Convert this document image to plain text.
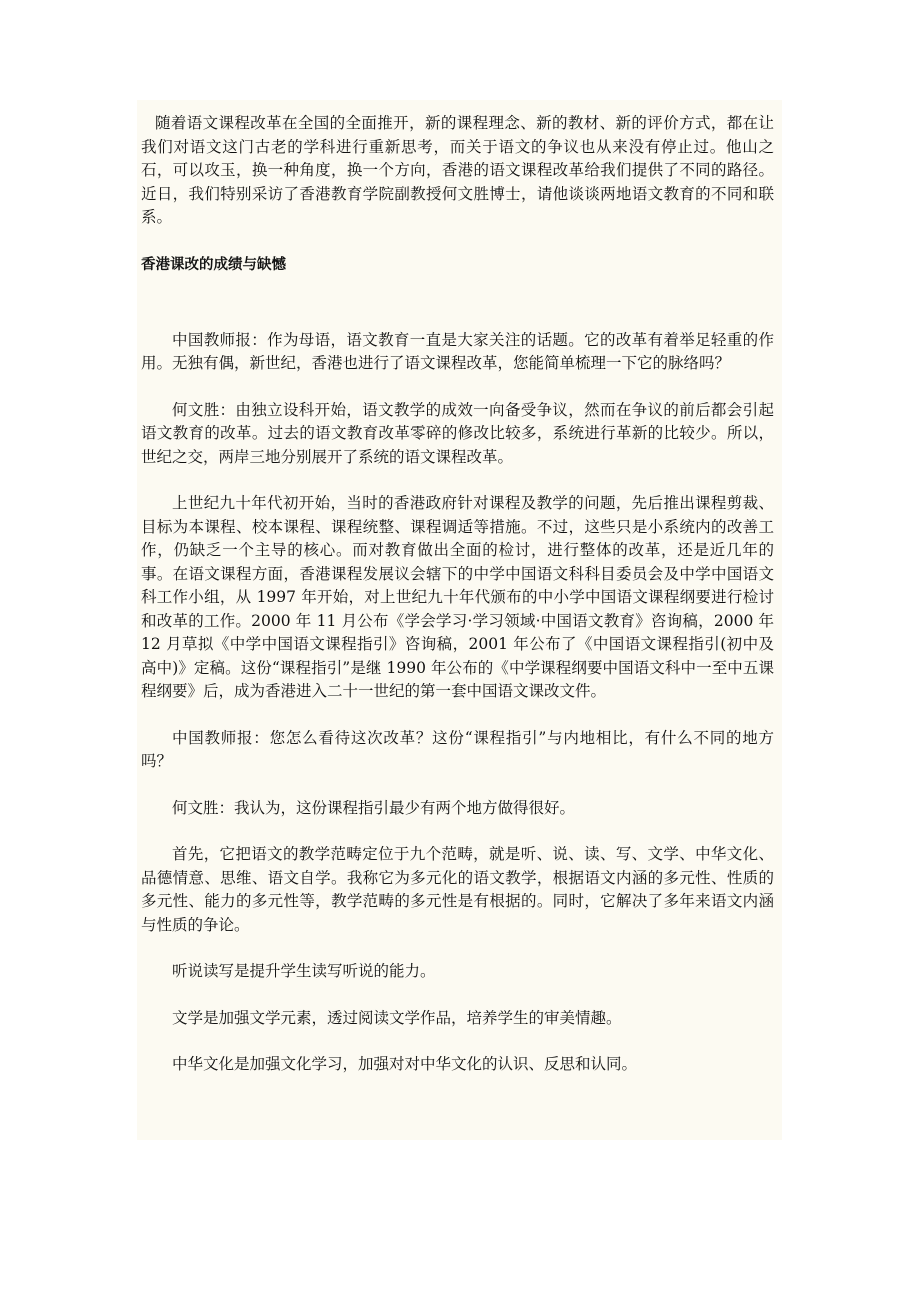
随着语文课程改革在全国的全面推开，新的课程理念、新的教材、新的评价方式，都在让我们对语文这门古老的学科进行重新思考，而关于语文的争议也从来没有停止过。他山之石，可以攻玉，换一种角度，换一个方向，香港的语文课程改革给我们提供了不同的路径。近日，我们特别采访了香港教育学院副教授何文胜博士，请他谈谈两地语文教育的不同和联系。

香港课改的成绩与缺憾

中国教师报：作为母语，语文教育一直是大家关注的话题。它的改革有着举足轻重的作用。无独有偶，新世纪，香港也进行了语文课程改革，您能简单梳理一下它的脉络吗？

何文胜：由独立设科开始，语文教学的成效一向备受争议，然而在争议的前后都会引起语文教育的改革。过去的语文教育改革零碎的修改比较多，系统进行革新的比较少。所以，世纪之交，两岸三地分别展开了系统的语文课程改革。

上世纪九十年代初开始，当时的香港政府针对课程及教学的问题，先后推出课程剪裁、目标为本课程、校本课程、课程统整、课程调适等措施。不过，这些只是小系统内的改善工作，仍缺乏一个主导的核心。而对教育做出全面的检讨，进行整体的改革，还是近几年的事。在语文课程方面，香港课程发展议会辖下的中学中国语文科科目委员会及中学中国语文科工作小组，从 1997 年开始，对上世纪九十年代颁布的中小学中国语文课程纲要进行检讨和改革的工作。2000 年 11 月公布《学会学习·学习领域·中国语文教育》咨询稿，2000 年 12 月草拟《中学中国语文课程指引》咨询稿，2001 年公布了《中国语文课程指引(初中及高中)》定稿。这份“课程指引”是继 1990 年公布的《中学课程纲要中国语文科中一至中五课程纲要》后，成为香港进入二十一世纪的第一套中国语文课改文件。

中国教师报：您怎么看待这次改革？这份“课程指引”与内地相比，有什么不同的地方吗？

何文胜：我认为，这份课程指引最少有两个地方做得很好。

首先，它把语文的教学范畴定位于九个范畴，就是听、说、读、写、文学、中华文化、品德情意、思维、语文自学。我称它为多元化的语文教学，根据语文内涵的多元性、性质的多元性、能力的多元性等，教学范畴的多元性是有根据的。同时，它解决了多年来语文内涵与性质的争论。

听说读写是提升学生读写听说的能力。

文学是加强文学元素，透过阅读文学作品，培养学生的审美情趣。

中华文化是加强文化学习，加强对对中华文化的认识、反思和认同。
